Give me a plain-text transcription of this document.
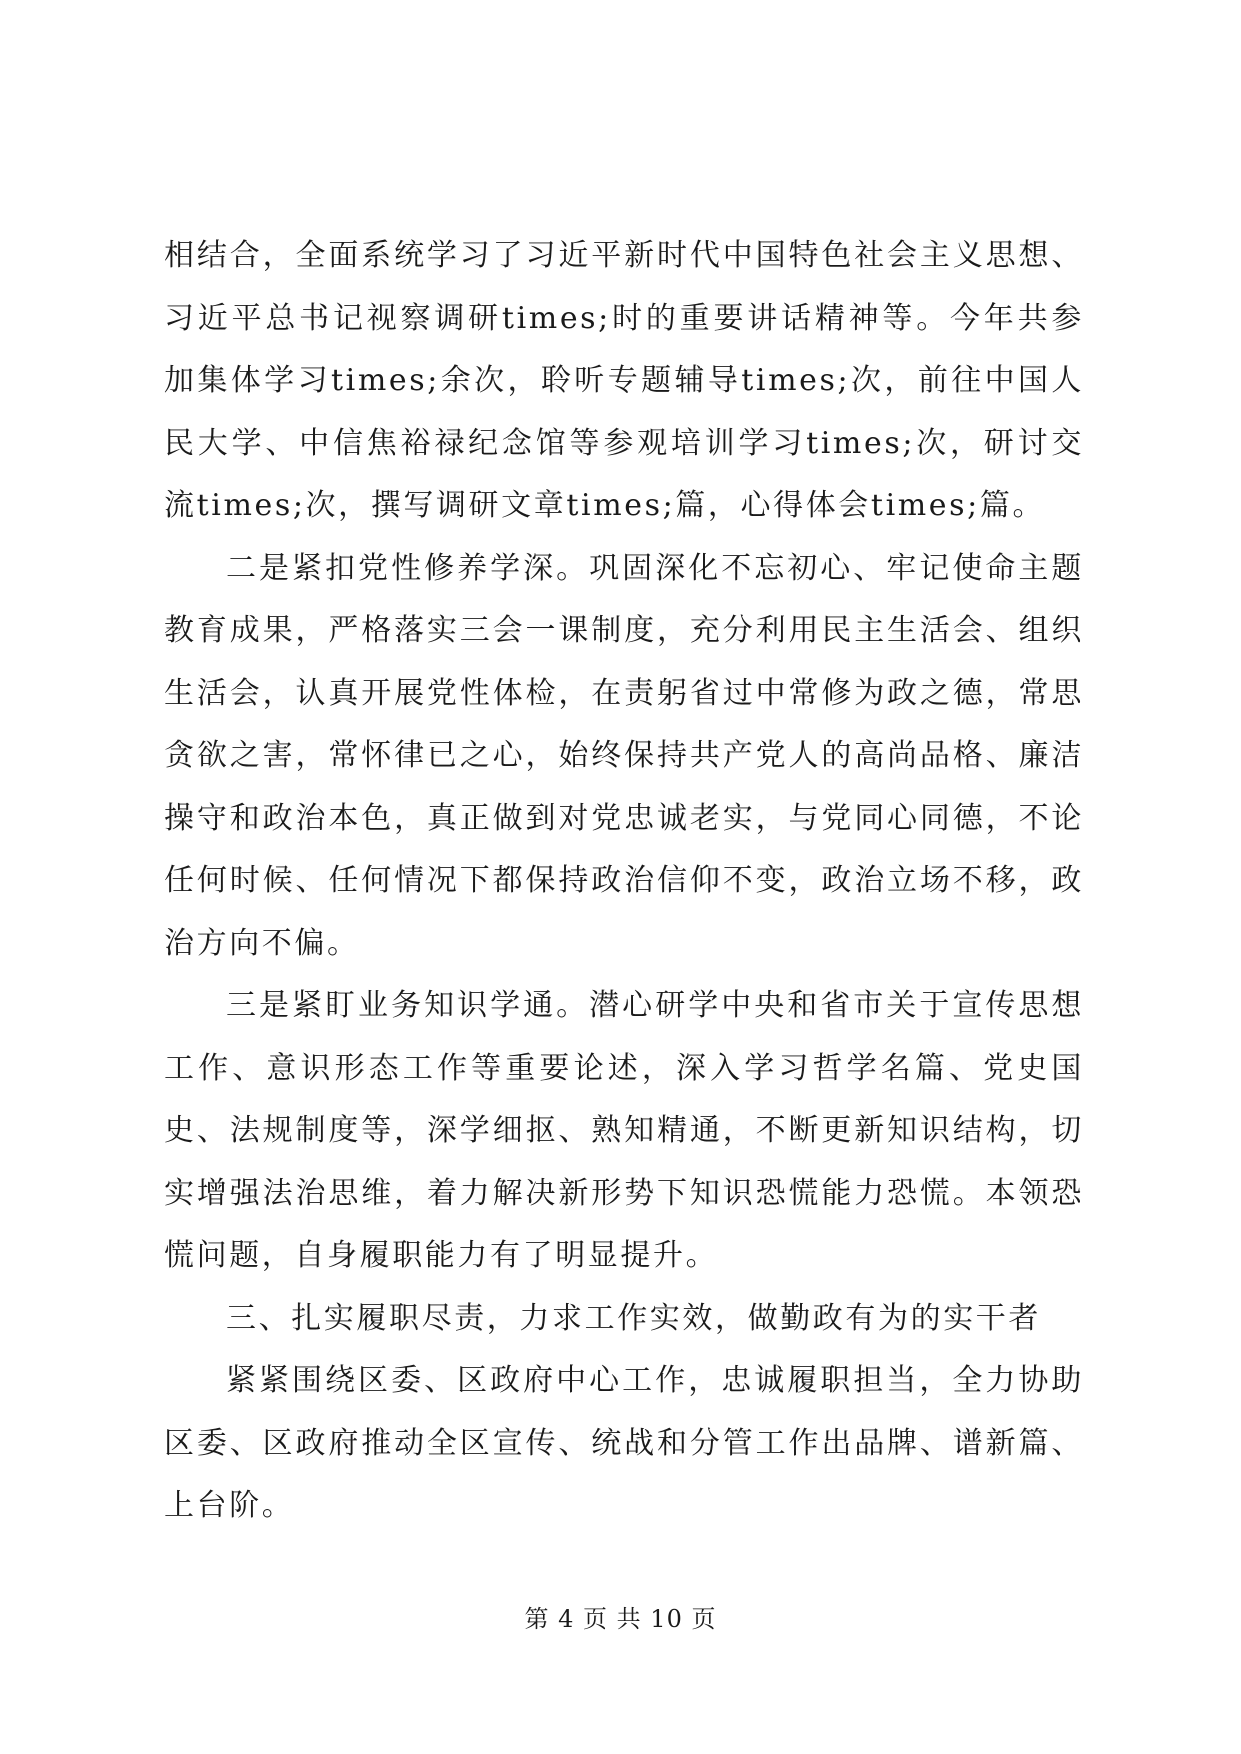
相结合，全面系统学习了习近平新时代中国特色社会主义思想、习近平总书记视察调研times;时的重要讲话精神等。今年共参加集体学习times;余次，聆听专题辅导times;次，前往中国人民大学、中信焦裕禄纪念馆等参观培训学习times;次，研讨交流times;次，撰写调研文章times;篇，心得体会times;篇。

二是紧扣党性修养学深。巩固深化不忘初心、牢记使命主题教育成果，严格落实三会一课制度，充分利用民主生活会、组织生活会，认真开展党性体检，在责躬省过中常修为政之德，常思贪欲之害，常怀律已之心，始终保持共产党人的高尚品格、廉洁操守和政治本色，真正做到对党忠诚老实，与党同心同德，不论任何时候、任何情况下都保持政治信仰不变，政治立场不移，政治方向不偏。

三是紧盯业务知识学通。潜心研学中央和省市关于宣传思想工作、意识形态工作等重要论述，深入学习哲学名篇、党史国史、法规制度等，深学细抠、熟知精通，不断更新知识结构，切实增强法治思维，着力解决新形势下知识恐慌能力恐慌。本领恐慌问题，自身履职能力有了明显提升。

三、扎实履职尽责，力求工作实效，做勤政有为的实干者

紧紧围绕区委、区政府中心工作，忠诚履职担当，全力协助区委、区政府推动全区宣传、统战和分管工作出品牌、谱新篇、上台阶。

第 4 页 共 10 页
